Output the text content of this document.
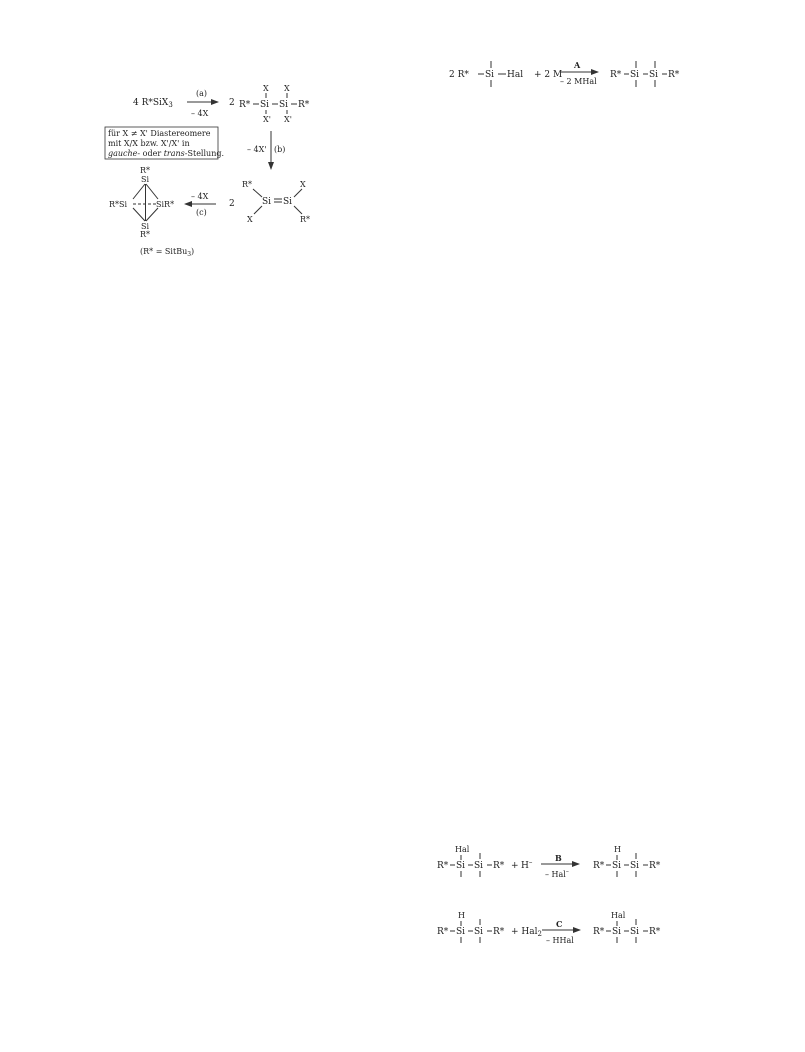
4 R*SiX$_3$
(a)
– 4X
2 R* Si Si R*
X X
X' X'
für X ≠ X' Diastereomere
mit X/X bzw. X'/X' in
gauche- oder trans-Stellung.	– 4X' (b)
2
R*
Si Si
X
X	R*
– 4X
(c)
R*
Si
R*Si	SiR*
Si
R*
(R* = SitBu$_3$)
2 R* Si Hal + 2 M
A
– 2 MHal
R* Si Si R*
Hal
R* Si Si R* + H–	B
– Hal–
H
R* Si Si R*
H
R* Si Si R* + Hal$_2$
C
– HHal
Hal
R* Si Si R*
